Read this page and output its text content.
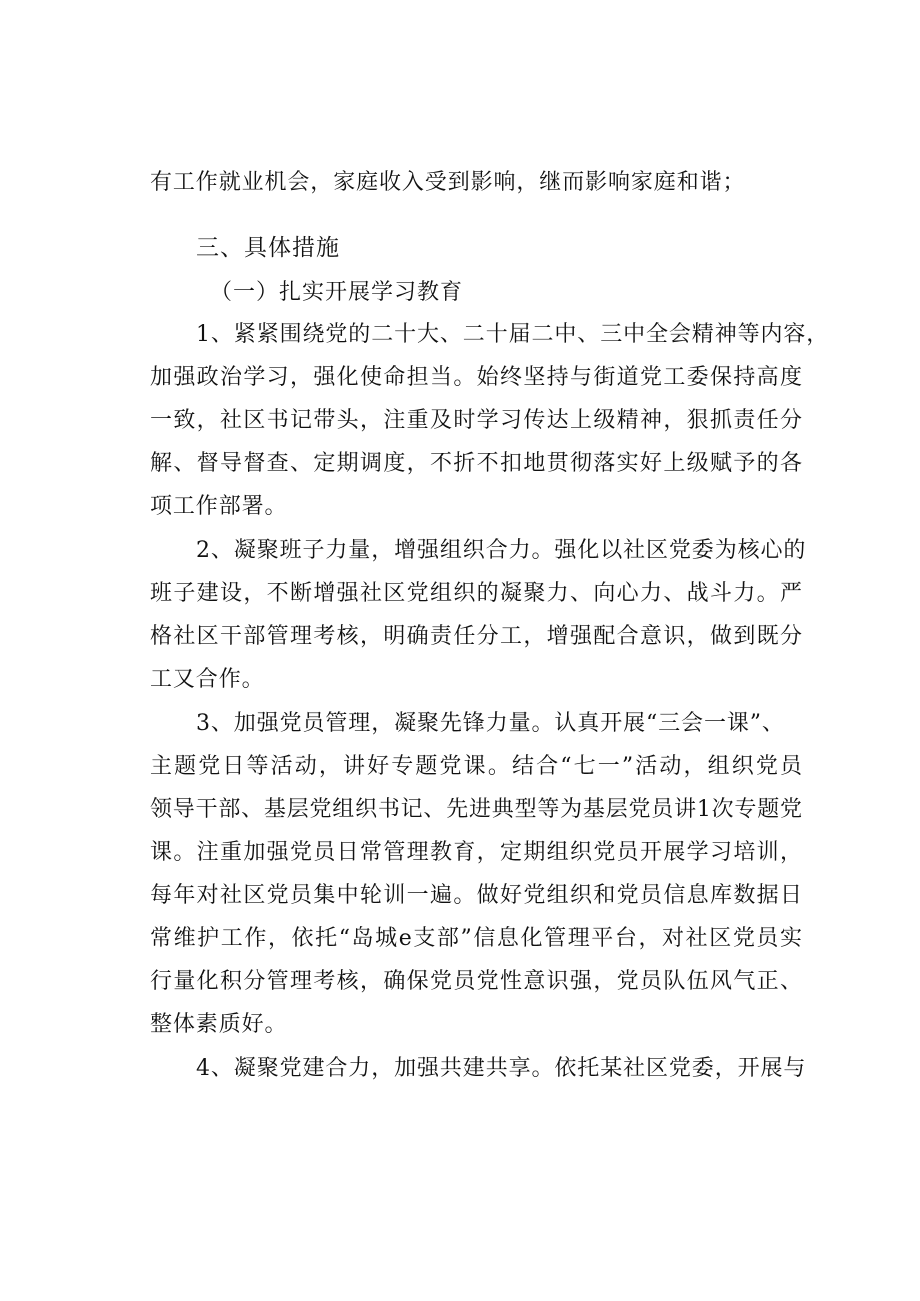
有工作就业机会，家庭收入受到影响，继而影响家庭和谐；
三、具体措施
（一）扎实开展学习教育
1、紧紧围绕党的二十大、二十届二中、三中全会精神等内容，
加强政治学习，强化使命担当。始终坚持与街道党工委保持高度
一致，社区书记带头，注重及时学习传达上级精神，狠抓责任分
解、督导督查、定期调度，不折不扣地贯彻落实好上级赋予的各
项工作部署。
2、凝聚班子力量，增强组织合力。强化以社区党委为核心的
班子建设，不断增强社区党组织的凝聚力、向心力、战斗力。严
格社区干部管理考核，明确责任分工，增强配合意识，做到既分
工又合作。
3、加强党员管理，凝聚先锋力量。认真开展“三会一课”、
主题党日等活动，讲好专题党课。结合“七一”活动，组织党员
领导干部、基层党组织书记、先进典型等为基层党员讲1次专题党
课。注重加强党员日常管理教育，定期组织党员开展学习培训，
每年对社区党员集中轮训一遍。做好党组织和党员信息库数据日
常维护工作，依托“岛城e支部”信息化管理平台，对社区党员实
行量化积分管理考核，确保党员党性意识强，党员队伍风气正、
整体素质好。
4、凝聚党建合力，加强共建共享。依托某社区党委，开展与
